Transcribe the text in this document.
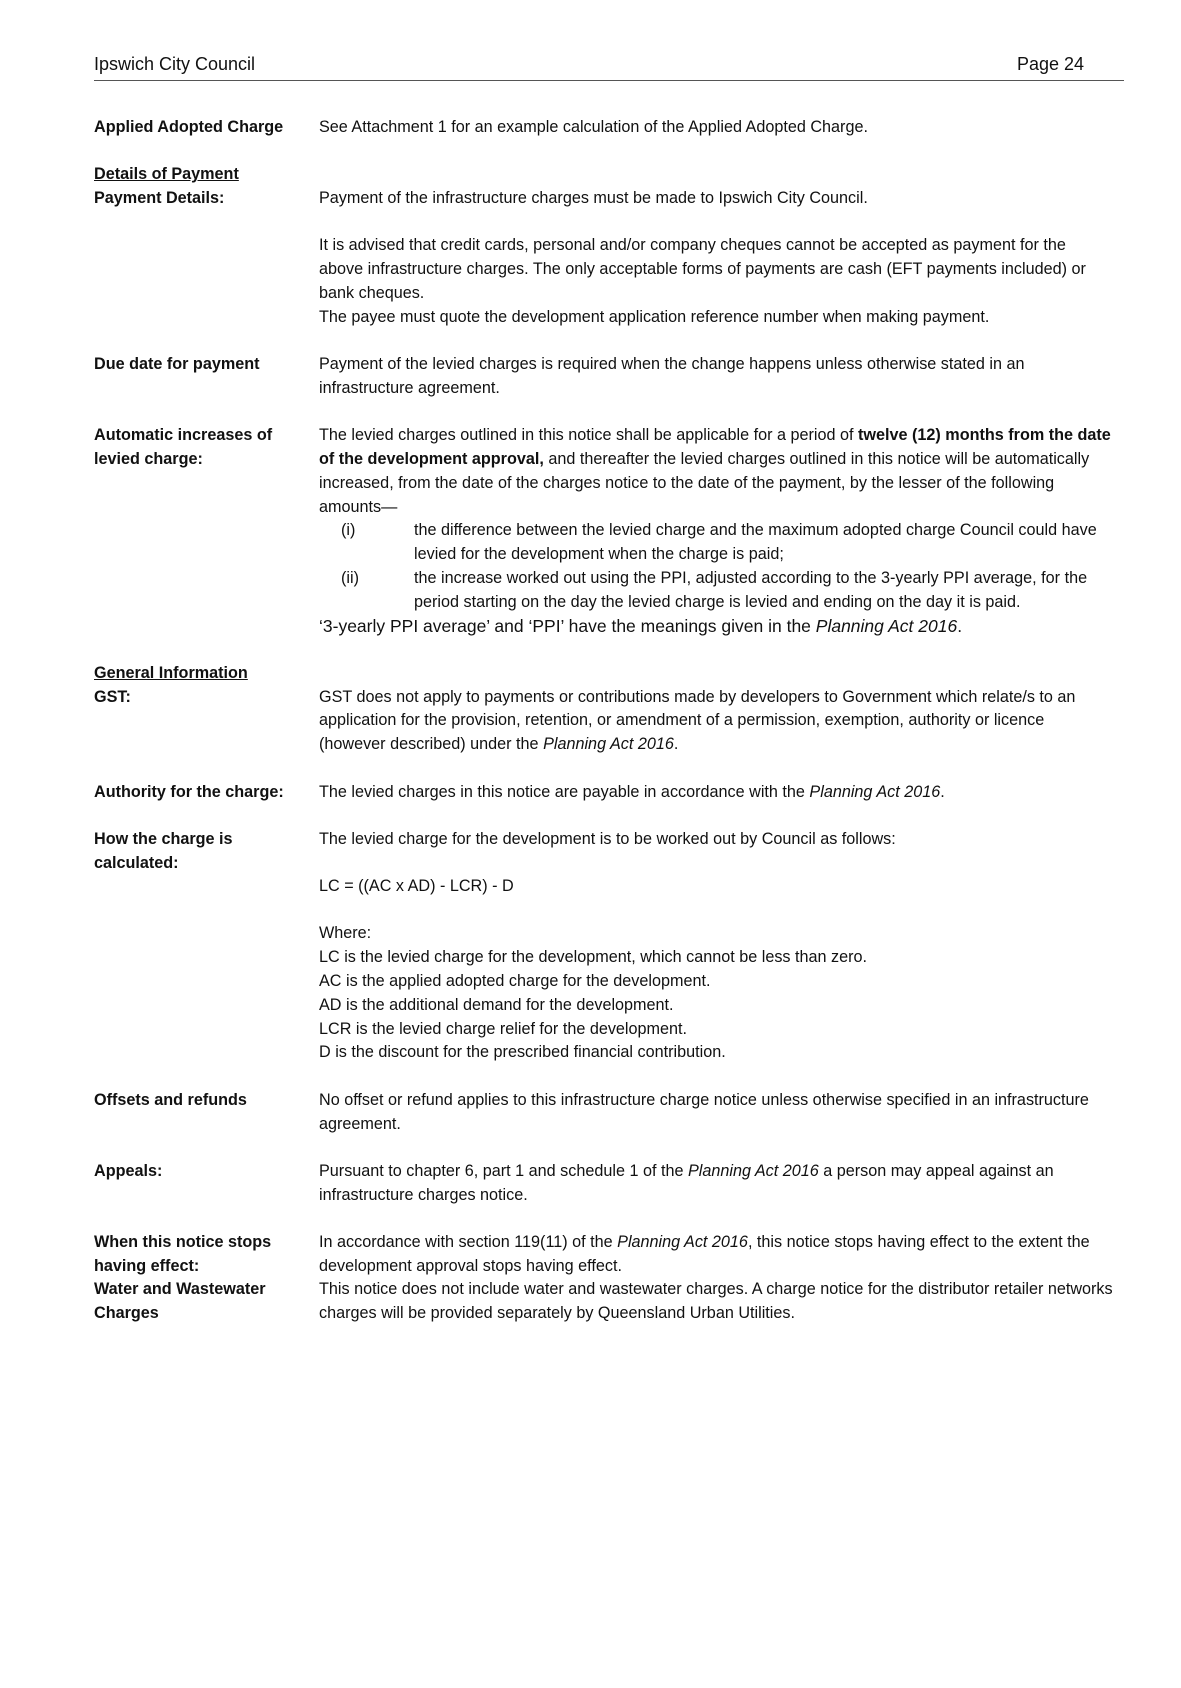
Ipswich City Council	Page 24
Applied Adopted Charge	See Attachment 1 for an example calculation of the Applied Adopted Charge.
Details of Payment
Payment Details:	Payment of the infrastructure charges must be made to Ipswich City Council.

It is advised that credit cards, personal and/or company cheques cannot be accepted as payment for the above infrastructure charges. The only acceptable forms of payments are cash (EFT payments included) or bank cheques.

The payee must quote the development application reference number when making payment.

Due date for payment	Payment of the levied charges is required when the change happens unless otherwise stated in an infrastructure agreement.
Automatic increases of levied charge:

The levied charges outlined in this notice shall be applicable for a period of twelve (12) months from the date of the development approval, and thereafter the levied charges outlined in this notice will be automatically increased, from the date of the charges notice to the date of the payment, by the lesser of the following amounts—

(i)	the difference between the levied charge and the maximum adopted charge Council could have levied for the development when the charge is paid;
(ii)	the increase worked out using the PPI, adjusted according to the 3-yearly PPI average, for the period starting on the day the levied charge is levied and ending on the day it is paid.

‘3-yearly PPI average’ and ‘PPI’ have the meanings given in the Planning Act 2016.

General Information
GST:	GST does not apply to payments or contributions made by developers to Government which relate/s to an application for the provision, retention, or amendment of a permission, exemption, authority or licence (however described) under the Planning Act 2016.
Authority for the charge:	The levied charges in this notice are payable in accordance with the Planning Act 2016.
How the charge is calculated:

The levied charge for the development is to be worked out by Council as follows:

LC = ((AC x AD) - LCR) - D

Where:

LC is the levied charge for the development, which cannot be less than zero.

AC is the applied adopted charge for the development.

AD is the additional demand for the development.

LCR is the levied charge relief for the development.

D is the discount for the prescribed financial contribution.

Offsets and refunds	No offset or refund applies to this infrastructure charge notice unless otherwise specified in an infrastructure agreement.
Appeals:	Pursuant to chapter 6, part 1 and schedule 1 of the Planning Act 2016 a person may appeal against an infrastructure charges notice.
When this notice stops having effect:
In accordance with section 119(11) of the Planning Act 2016, this notice stops having effect to the extent the development approval stops having effect.
Water and Wastewater Charges
This notice does not include water and wastewater charges. A charge notice for the distributor retailer networks charges will be provided separately by Queensland Urban Utilities.
